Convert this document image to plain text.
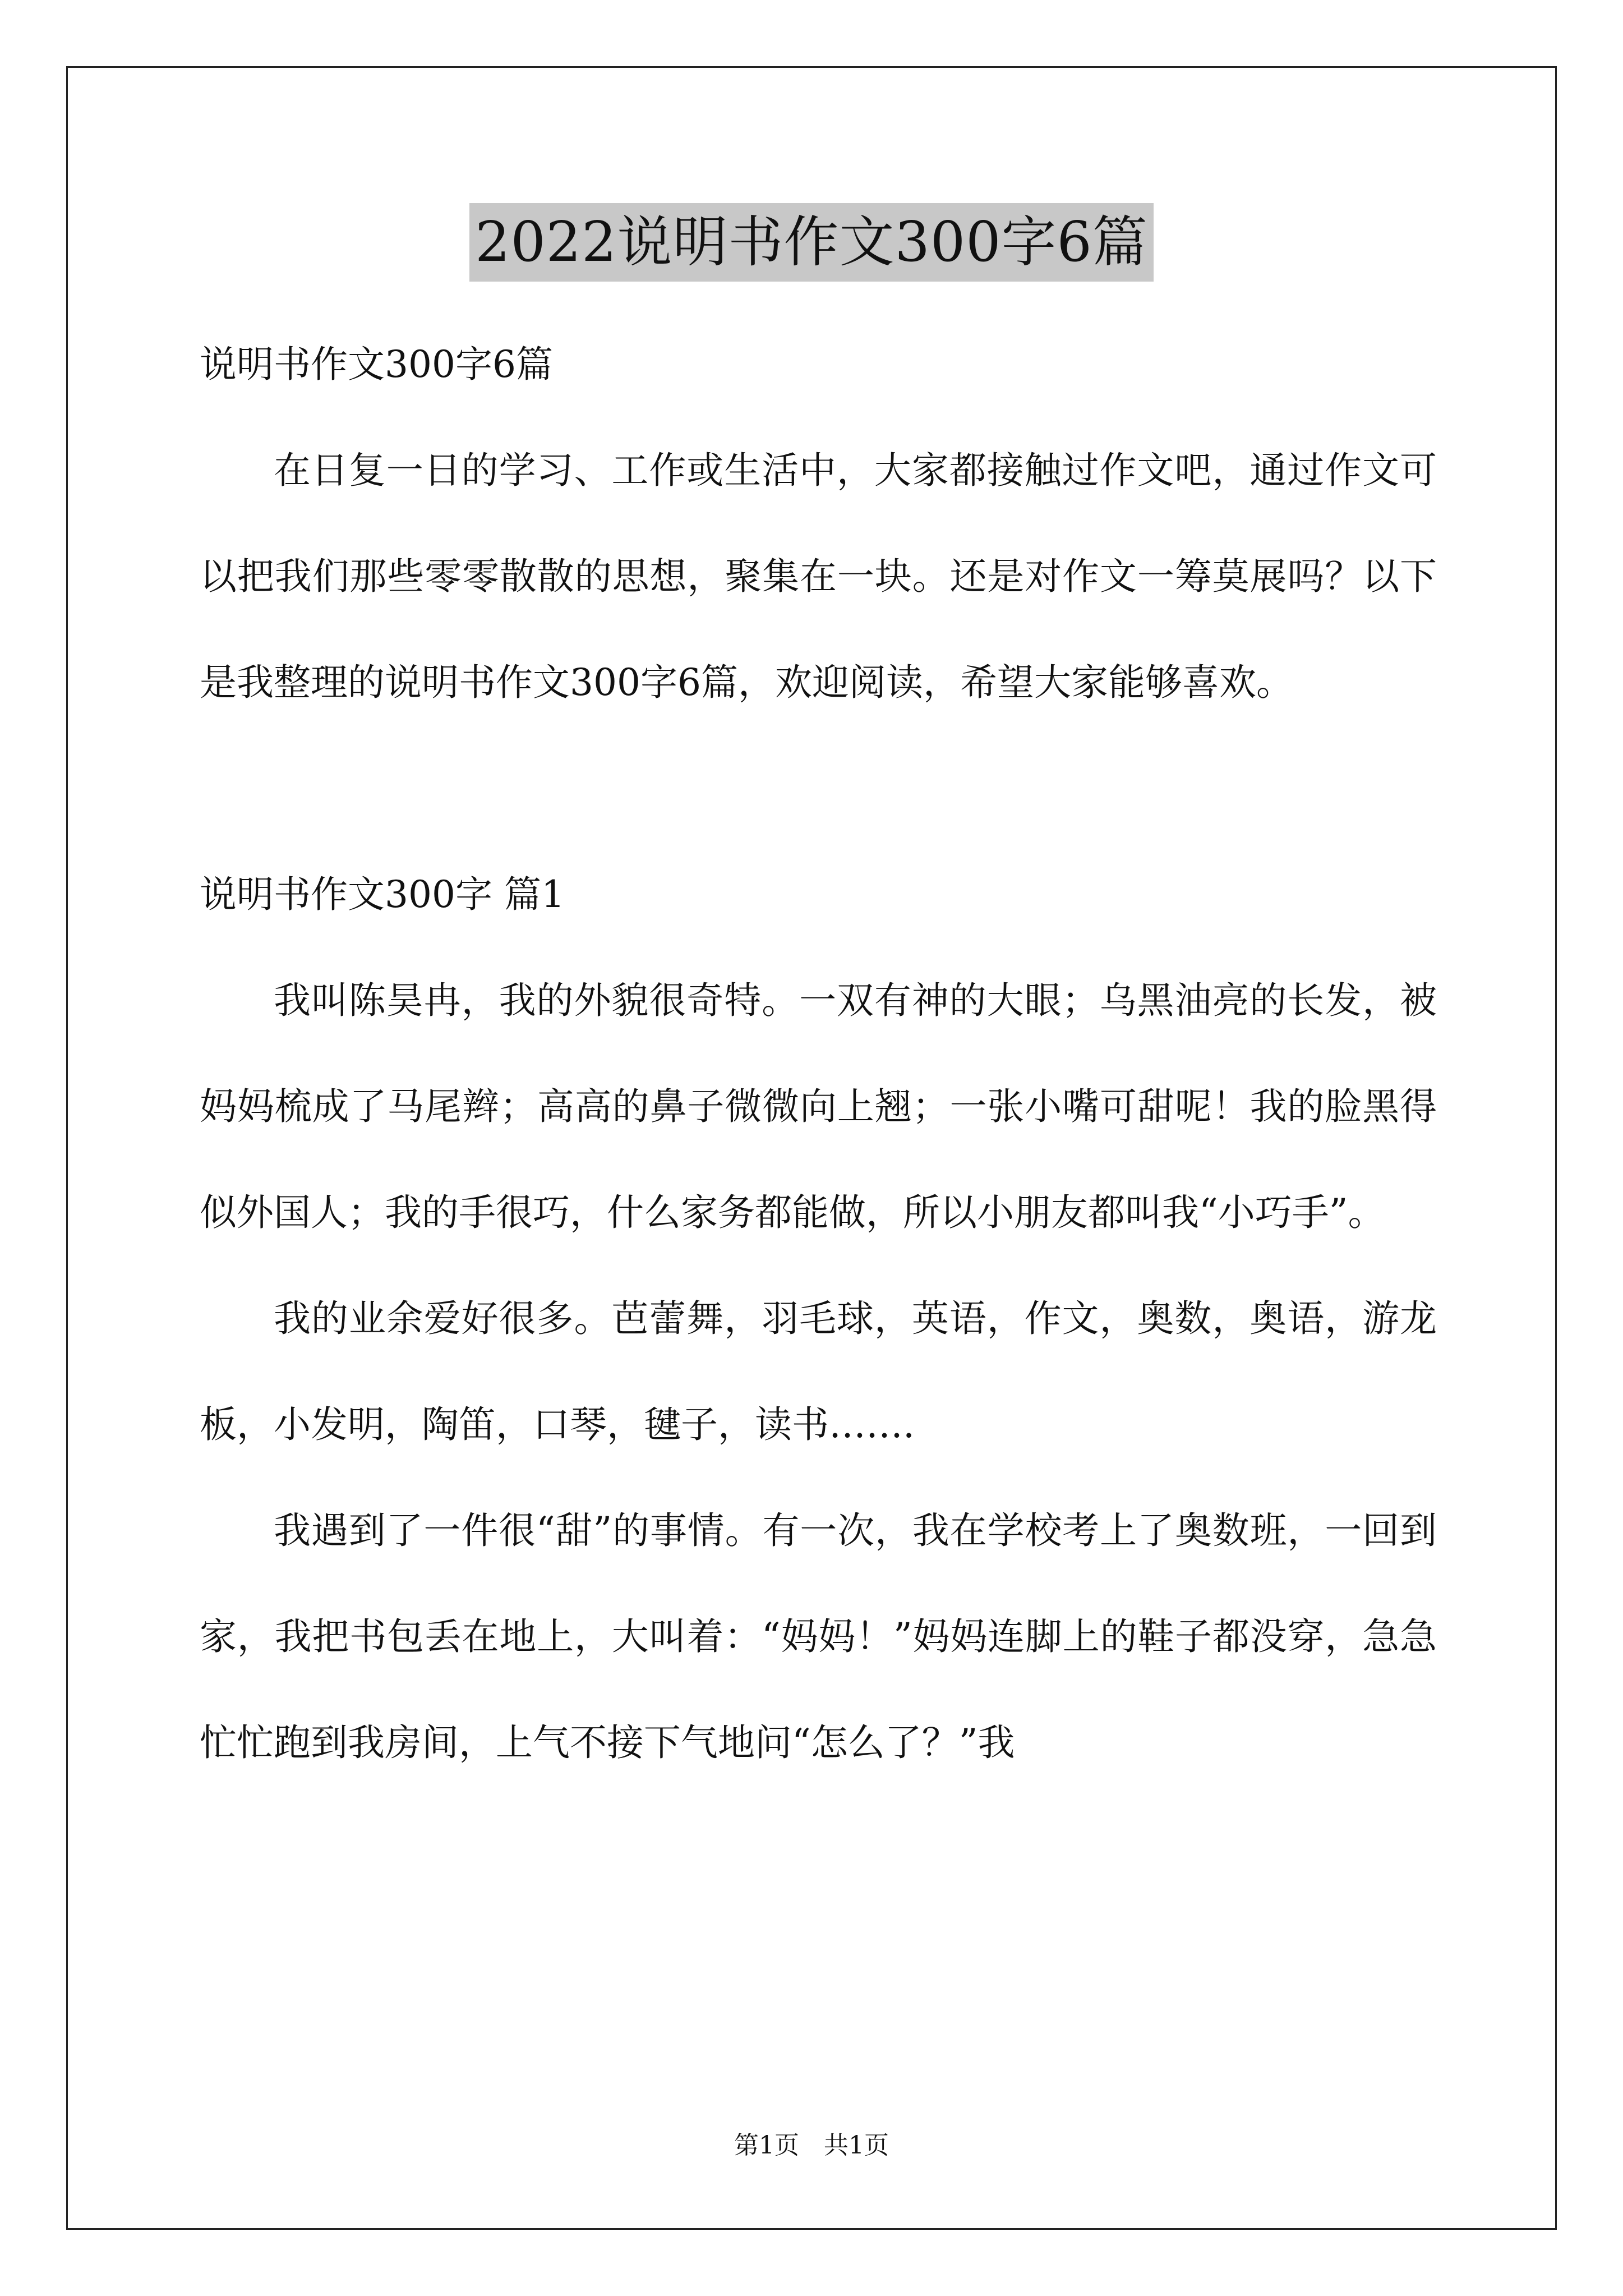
2022说明书作文300字6篇

说明书作文300字6篇

在日复一日的学习、工作或生活中，大家都接触过作文吧，通过作文可以把我们那些零零散散的思想，聚集在一块。还是对作文一筹莫展吗？以下是我整理的说明书作文300字6篇，欢迎阅读，希望大家能够喜欢。

说明书作文300字 篇1

我叫陈昊冉，我的外貌很奇特。一双有神的大眼；乌黑油亮的长发，被妈妈梳成了马尾辫；高高的鼻子微微向上翘；一张小嘴可甜呢！我的脸黑得似外国人；我的手很巧，什么家务都能做，所以小朋友都叫我“小巧手”。

我的业余爱好很多。芭蕾舞，羽毛球，英语，作文，奥数，奥语，游龙板，小发明，陶笛，口琴，毽子，读书…….

我遇到了一件很“甜”的事情。有一次，我在学校考上了奥数班，一回到家，我把书包丢在地上，大叫着：“妈妈！”妈妈连脚上的鞋子都没穿，急急忙忙跑到我房间，上气不接下气地问“怎么了？”我

第1页　共1页
